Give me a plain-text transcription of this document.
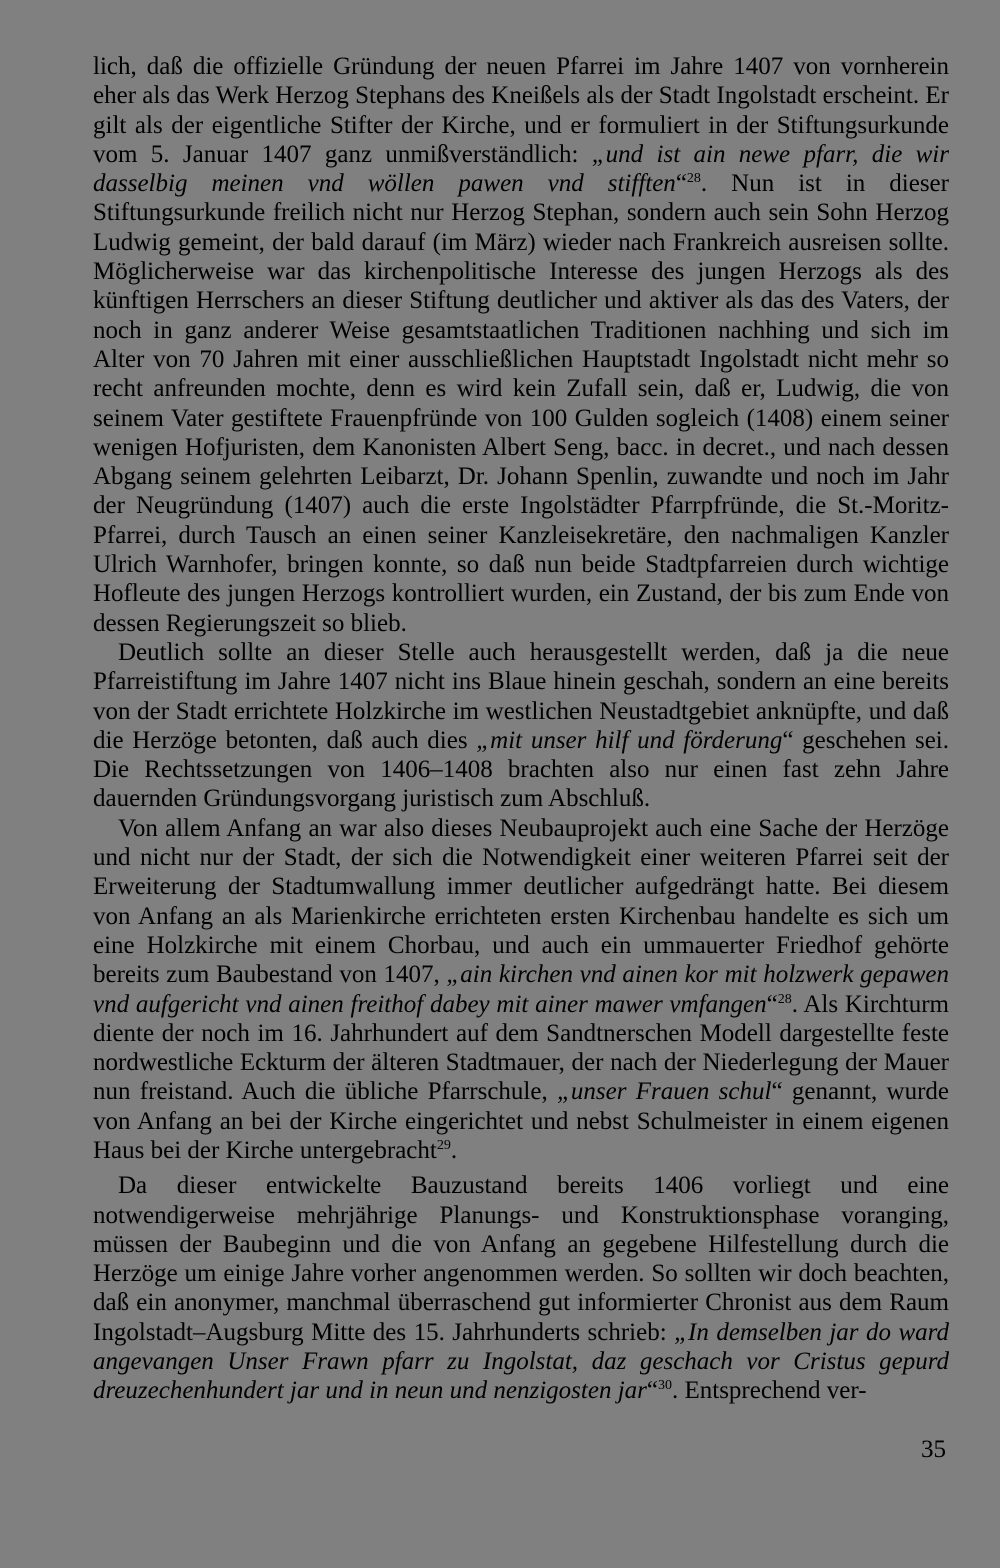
lich, daß die offizielle Gründung der neuen Pfarrei im Jahre 1407 von vornherein eher als das Werk Herzog Stephans des Kneißels als der Stadt Ingolstadt erscheint. Er gilt als der eigentliche Stifter der Kirche, und er formuliert in der Stiftungsurkunde vom 5. Januar 1407 ganz unmißverständlich: „und ist ain newe pfarr, die wir dasselbig meinen vnd wöllen pawen vnd stifften“$^{28}$. Nun ist in dieser Stiftungsurkunde freilich nicht nur Herzog Stephan, sondern auch sein Sohn Herzog Ludwig gemeint, der bald darauf (im März) wieder nach Frankreich ausreisen sollte. Möglicherweise war das kirchenpolitische Interesse des jungen Herzogs als des künftigen Herrschers an dieser Stiftung deutlicher und aktiver als das des Vaters, der noch in ganz anderer Weise gesamtstaatlichen Traditionen nachhing und sich im Alter von 70 Jahren mit einer ausschließlichen Hauptstadt Ingolstadt nicht mehr so recht anfreunden mochte, denn es wird kein Zufall sein, daß er, Ludwig, die von seinem Vater gestiftete Frauenpfründe von 100 Gulden sogleich (1408) einem seiner wenigen Hofjuristen, dem Kanonisten Albert Seng, bacc. in decret., und nach dessen Abgang seinem gelehrten Leibarzt, Dr. Johann Spenlin, zuwandte und noch im Jahr der Neugründung (1407) auch die erste Ingolstädter Pfarrpfründe, die St.-Moritz-Pfarrei, durch Tausch an einen seiner Kanzleisekretäre, den nachmaligen Kanzler Ulrich Warnhofer, bringen konnte, so daß nun beide Stadtpfarreien durch wichtige Hofleute des jungen Herzogs kontrolliert wurden, ein Zustand, der bis zum Ende von dessen Regierungszeit so blieb.

Deutlich sollte an dieser Stelle auch herausgestellt werden, daß ja die neue Pfarreistiftung im Jahre 1407 nicht ins Blaue hinein geschah, sondern an eine bereits von der Stadt errichtete Holzkirche im westlichen Neustadtgebiet anknüpfte, und daß die Herzöge betonten, daß auch dies „mit unser hilf und förderung“ geschehen sei. Die Rechtssetzungen von 1406–1408 brachten also nur einen fast zehn Jahre dauernden Gründungsvorgang juristisch zum Abschluß.

Von allem Anfang an war also dieses Neubauprojekt auch eine Sache der Herzöge und nicht nur der Stadt, der sich die Notwendigkeit einer weiteren Pfarrei seit der Erweiterung der Stadtumwallung immer deutlicher aufgedrängt hatte. Bei diesem von Anfang an als Marienkirche errichteten ersten Kirchenbau handelte es sich um eine Holzkirche mit einem Chorbau, und auch ein ummauerter Friedhof gehörte bereits zum Baubestand von 1407, „ain kirchen vnd ainen kor mit holzwerk gepawen vnd aufgericht vnd ainen freithof dabey mit ainer mawer vmfangen“$^{28}$. Als Kirchturm diente der noch im 16. Jahrhundert auf dem Sandtnerschen Modell dargestellte feste nordwestliche Eckturm der älteren Stadtmauer, der nach der Niederlegung der Mauer nun freistand. Auch die übliche Pfarrschule, „unser Frauen schul“ genannt, wurde von Anfang an bei der Kirche eingerichtet und nebst Schulmeister in einem eigenen Haus bei der Kirche untergebracht$^{29}$.

Da dieser entwickelte Bauzustand bereits 1406 vorliegt und eine notwendigerweise mehrjährige Planungs- und Konstruktionsphase voranging, müssen der Baubeginn und die von Anfang an gegebene Hilfestellung durch die Herzöge um einige Jahre vorher angenommen werden. So sollten wir doch beachten, daß ein anonymer, manchmal überraschend gut informierter Chronist aus dem Raum Ingolstadt–Augsburg Mitte des 15. Jahrhunderts schrieb: „In demselben jar do ward angevangen Unser Frawn pfarr zu Ingolstat, daz geschach vor Cristus gepurd dreuzechenhundert jar und in neun und nenzigosten jar“$^{30}$. Entsprechend ver-

35
